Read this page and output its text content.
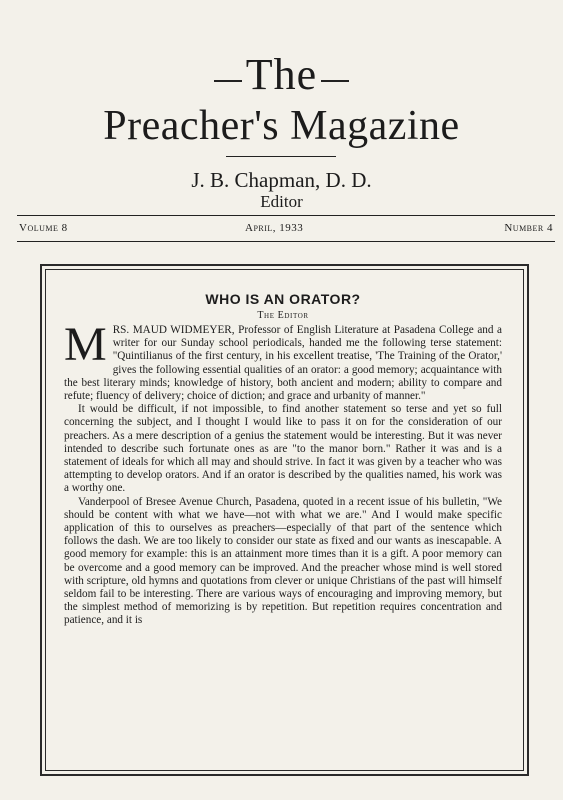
The
Preacher's Magazine
J. B. Chapman, D. D.
Editor
Volume 8	April, 1933	Number 4
WHO IS AN ORATOR?
The Editor

MRS. MAUD WIDMEYER, Professor of English Literature at Pasadena College and a writer for our Sunday school periodicals, handed me the following terse statement: "Quintilianus of the first century, in his excellent treatise, 'The Training of the Orator,' gives the following essential qualities of an orator: a good memory; acquaintance with the best literary minds; knowledge of history, both ancient and modern; ability to compare and refute; fluency of delivery; choice of diction; and grace and urbanity of manner."

It would be difficult, if not impossible, to find another statement so terse and yet so full concerning the subject, and I thought I would like to pass it on for the consideration of our preachers. As a mere description of a genius the statement would be interesting. But it was never intended to describe such fortunate ones as are "to the manor born." Rather it was and is a statement of ideals for which all may and should strive. In fact it was given by a teacher who was attempting to develop orators. And if an orator is described by the qualities named, his work was a worthy one.

Vanderpool of Bresee Avenue Church, Pasadena, quoted in a recent issue of his bulletin, "We should be content with what we have—not with what we are." And I would make specific application of this to ourselves as preachers—especially of that part of the sentence which follows the dash. We are too likely to consider our state as fixed and our wants as inescapable. A good memory for example: this is an attainment more times than it is a gift. A poor memory can be overcome and a good memory can be improved. And the preacher whose mind is well stored with scripture, old hymns and quotations from clever or unique Christians of the past will himself seldom fail to be interesting. There are various ways of encouraging and improving memory, but the simplest method of memorizing is by repetition. But repetition requires concentration and patience, and it is
